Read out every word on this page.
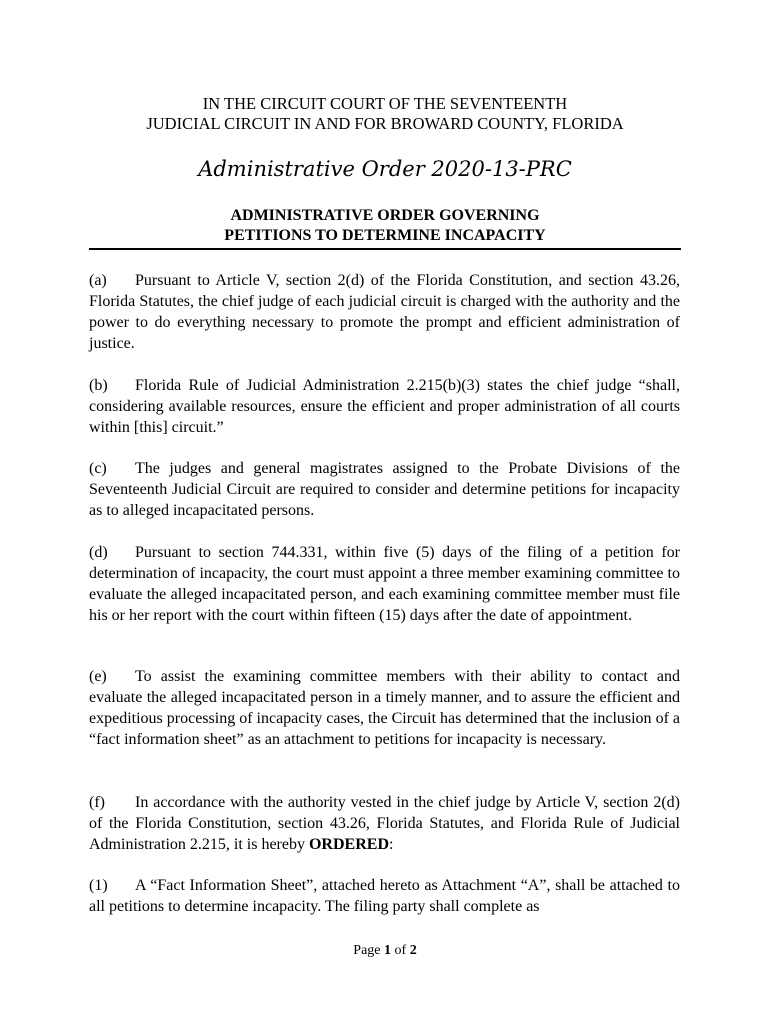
IN THE CIRCUIT COURT OF THE SEVENTEENTH
JUDICIAL CIRCUIT IN AND FOR BROWARD COUNTY, FLORIDA
Administrative Order 2020-13-PRC
ADMINISTRATIVE ORDER GOVERNING
PETITIONS TO DETERMINE INCAPACITY

(a) Pursuant to Article V, section 2(d) of the Florida Constitution, and section 43.26, Florida Statutes, the chief judge of each judicial circuit is charged with the authority and the power to do everything necessary to promote the prompt and efficient administration of justice.

(b) Florida Rule of Judicial Administration 2.215(b)(3) states the chief judge “shall, considering available resources, ensure the efficient and proper administration of all courts within [this] circuit.”

(c) The judges and general magistrates assigned to the Probate Divisions of the Seventeenth Judicial Circuit are required to consider and determine petitions for incapacity as to alleged incapacitated persons.

(d) Pursuant to section 744.331, within five (5) days of the filing of a petition for determination of incapacity, the court must appoint a three member examining committee to evaluate the alleged incapacitated person, and each examining committee member must file his or her report with the court within fifteen (15) days after the date of appointment.

(e) To assist the examining committee members with their ability to contact and evaluate the alleged incapacitated person in a timely manner, and to assure the efficient and expeditious processing of incapacity cases, the Circuit has determined that the inclusion of a “fact information sheet” as an attachment to petitions for incapacity is necessary.

(f) In accordance with the authority vested in the chief judge by Article V, section 2(d) of the Florida Constitution, section 43.26, Florida Statutes, and Florida Rule of Judicial Administration 2.215, it is hereby ORDERED:

(1) A “Fact Information Sheet”, attached hereto as Attachment “A”, shall be attached to all petitions to determine incapacity. The filing party shall complete as

Page 1 of 2
